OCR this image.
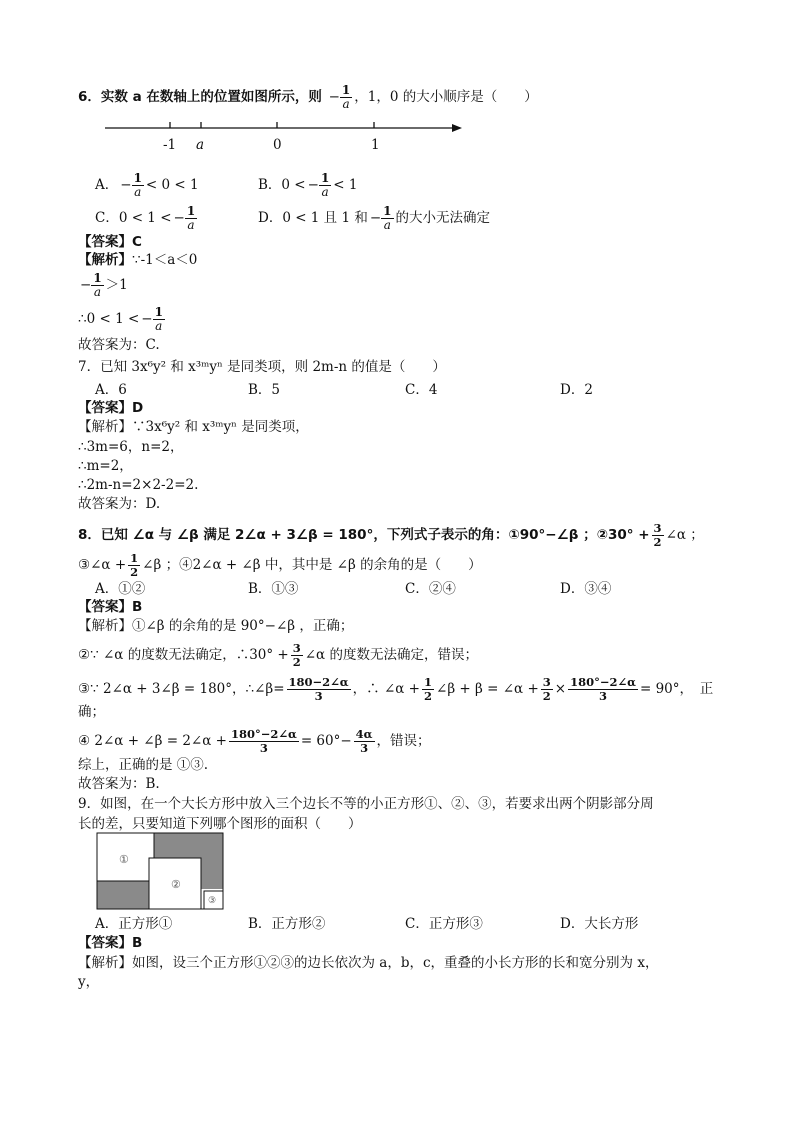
6．实数 a 在数轴上的位置如图所示，则 − $\frac{1}{a}$ ，1，0 的大小顺序是（　　）
-1 a	0	1
A． − $\frac{1}{a} < 0 < 1$	B．0 < − $\frac{1}{a} < 1$
C．0 < 1 < − $\frac{1}{a}$	D．0 < 1 且 1 和 − $\frac{1}{a}$ 的大小无法确定
【答案】C
【解析】∵-1＜a＜0
− $\frac{1}{a} >1$
∴0 < 1 < − $\frac{1}{a}$
故答案为：C.
7．已知 3x⁶y² 和 x³ᵐyⁿ 是同类项，则 2m-n 的值是（　　）
A．6	B．5	C．4	D．2
【答案】D
【解析】∵3x⁶y² 和 x³ᵐyⁿ 是同类项，
∴3m=6，n=2，
∴m=2，
∴2m-n=2×2-2=2.
故答案为：D.
8．已知 ∠α 与 ∠β 满足 2∠α + 3∠β = 180°，下列式子表示的角：①90°−∠β ；②30° + $\frac{3}{2}$ ∠α ；
③∠α + $\frac{1}{2}$ ∠β ；④2∠α + ∠β 中，其中是 ∠β 的余角的是（　　）
A．①②	B．①③	C．②④	D．③④
【答案】B
【解析】①∠β 的余角的是 90°−∠β ，正确；
②∵ ∠α 的度数无法确定，∴30° + $\frac{3}{2}$ ∠α 的度数无法确定，错误；
③∵ 2∠α + 3∠β = 180°，∴∠β= $\frac{180-2\angle\alpha}{3}$ ，∴ ∠α + $\frac{1}{2}$ ∠β + β = ∠α + $\frac{3}{2} \times \frac{180^\circ-2\angle\alpha}{3} = 90^\circ$，　正
确；
④ 2∠α + ∠β = 2∠α + $\frac{180^\circ-2\angle\alpha}{3} = 60^\circ- \frac{4\alpha}{3}$ ，错误；
综上，正确的是 ①③.
故答案为：B.
9．如图，在一个大长方形中放入三个边长不等的小正方形①、②、③，若要求出两个阴影部分周
长的差，只要知道下列哪个图形的面积（　　）
①
②
③
A．正方形①	B．正方形②	C．正方形③	D．大长方形
【答案】B
【解析】如图，设三个正方形①②③的边长依次为 a，b，c，重叠的小长方形的长和宽分别为 x，
y，
